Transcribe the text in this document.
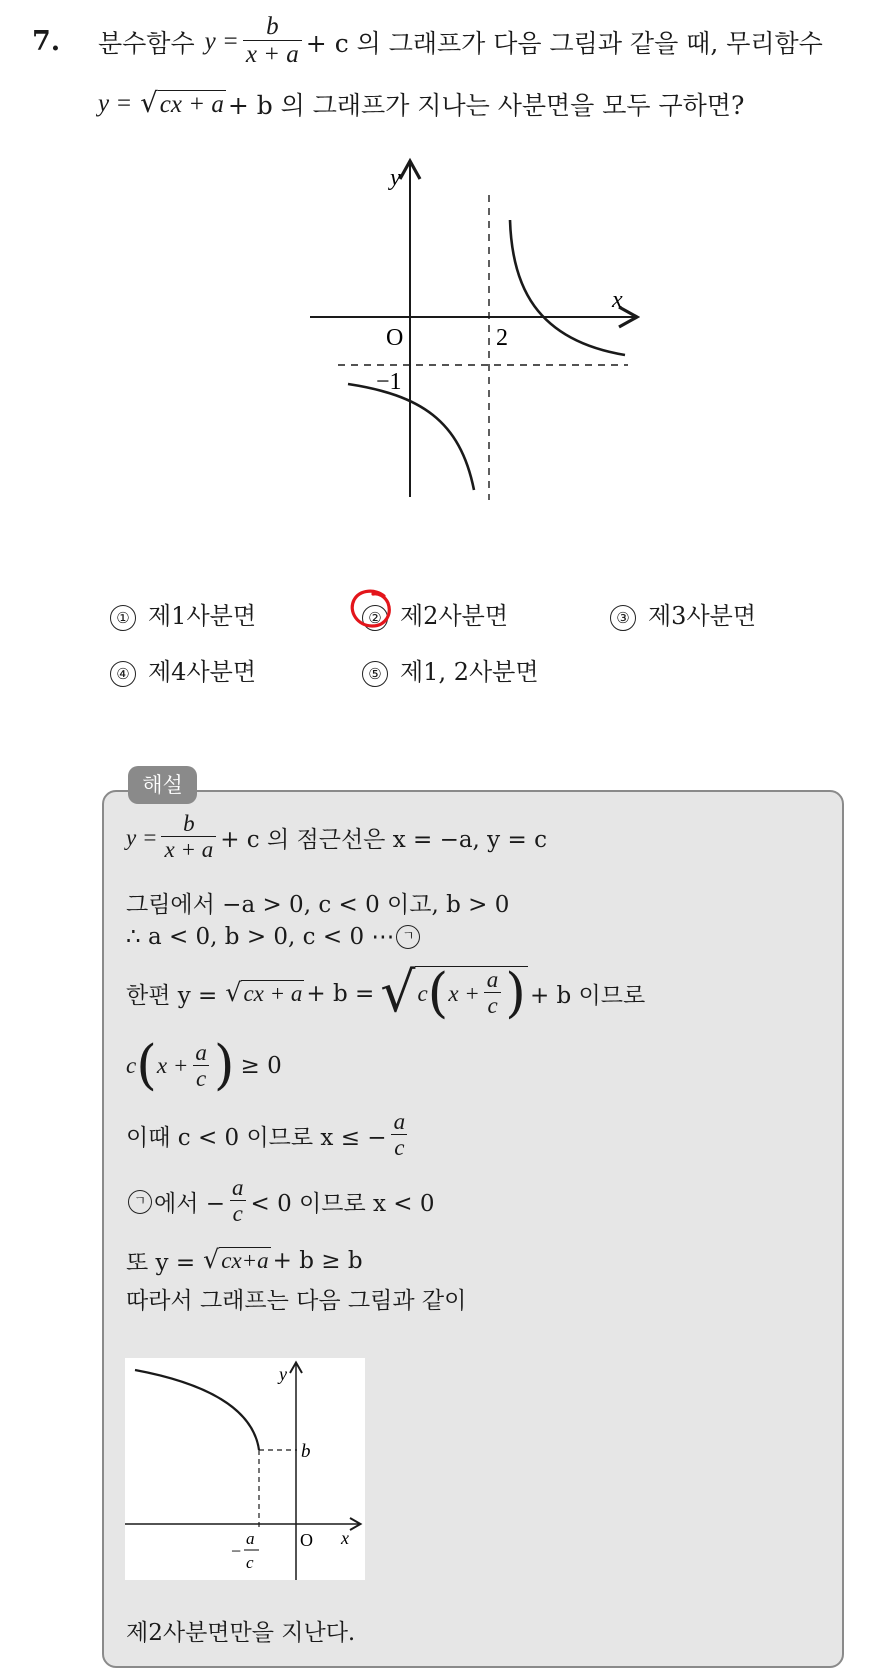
7. 분수함수 $y = \frac{b}{x + a} + c$ 의 그래프가 다음 그림과 같을 때, 무리함수
y = √ cx + a + b 의 그래프가 지나는 사분면을 모두 구하면?
y
x
O	2
−1
① 제1사분면	② 제2사분면	③ 제3사분면
④ 제4사분면	⑤ 제1, 2사분면
해설
$y = \frac{b}{x + a} + c$ 의 점근선은 x = −a, y = c
그림에서 −a > 0, c < 0 이고, b > 0
∴ a < 0, b > 0, c < 0 ⋯ ㄱ
한편 y = √ cx + a + b = √ c ( $x + \frac{a}{c}$ ) + b 이므로
c ( $x + \frac{a}{c}$ ) ≥ 0
이때 c < 0 이므로 x ≤ − $\frac{a}{c}$
ㄱ 에서 − $\frac{a}{c} < 0$ 이므로 x < 0
또 y = √ cx+a + b ≥ b
따라서 그래프는 다음 그림과 같이
y
x
O
b
−
a
c
제2사분면만을 지난다.
